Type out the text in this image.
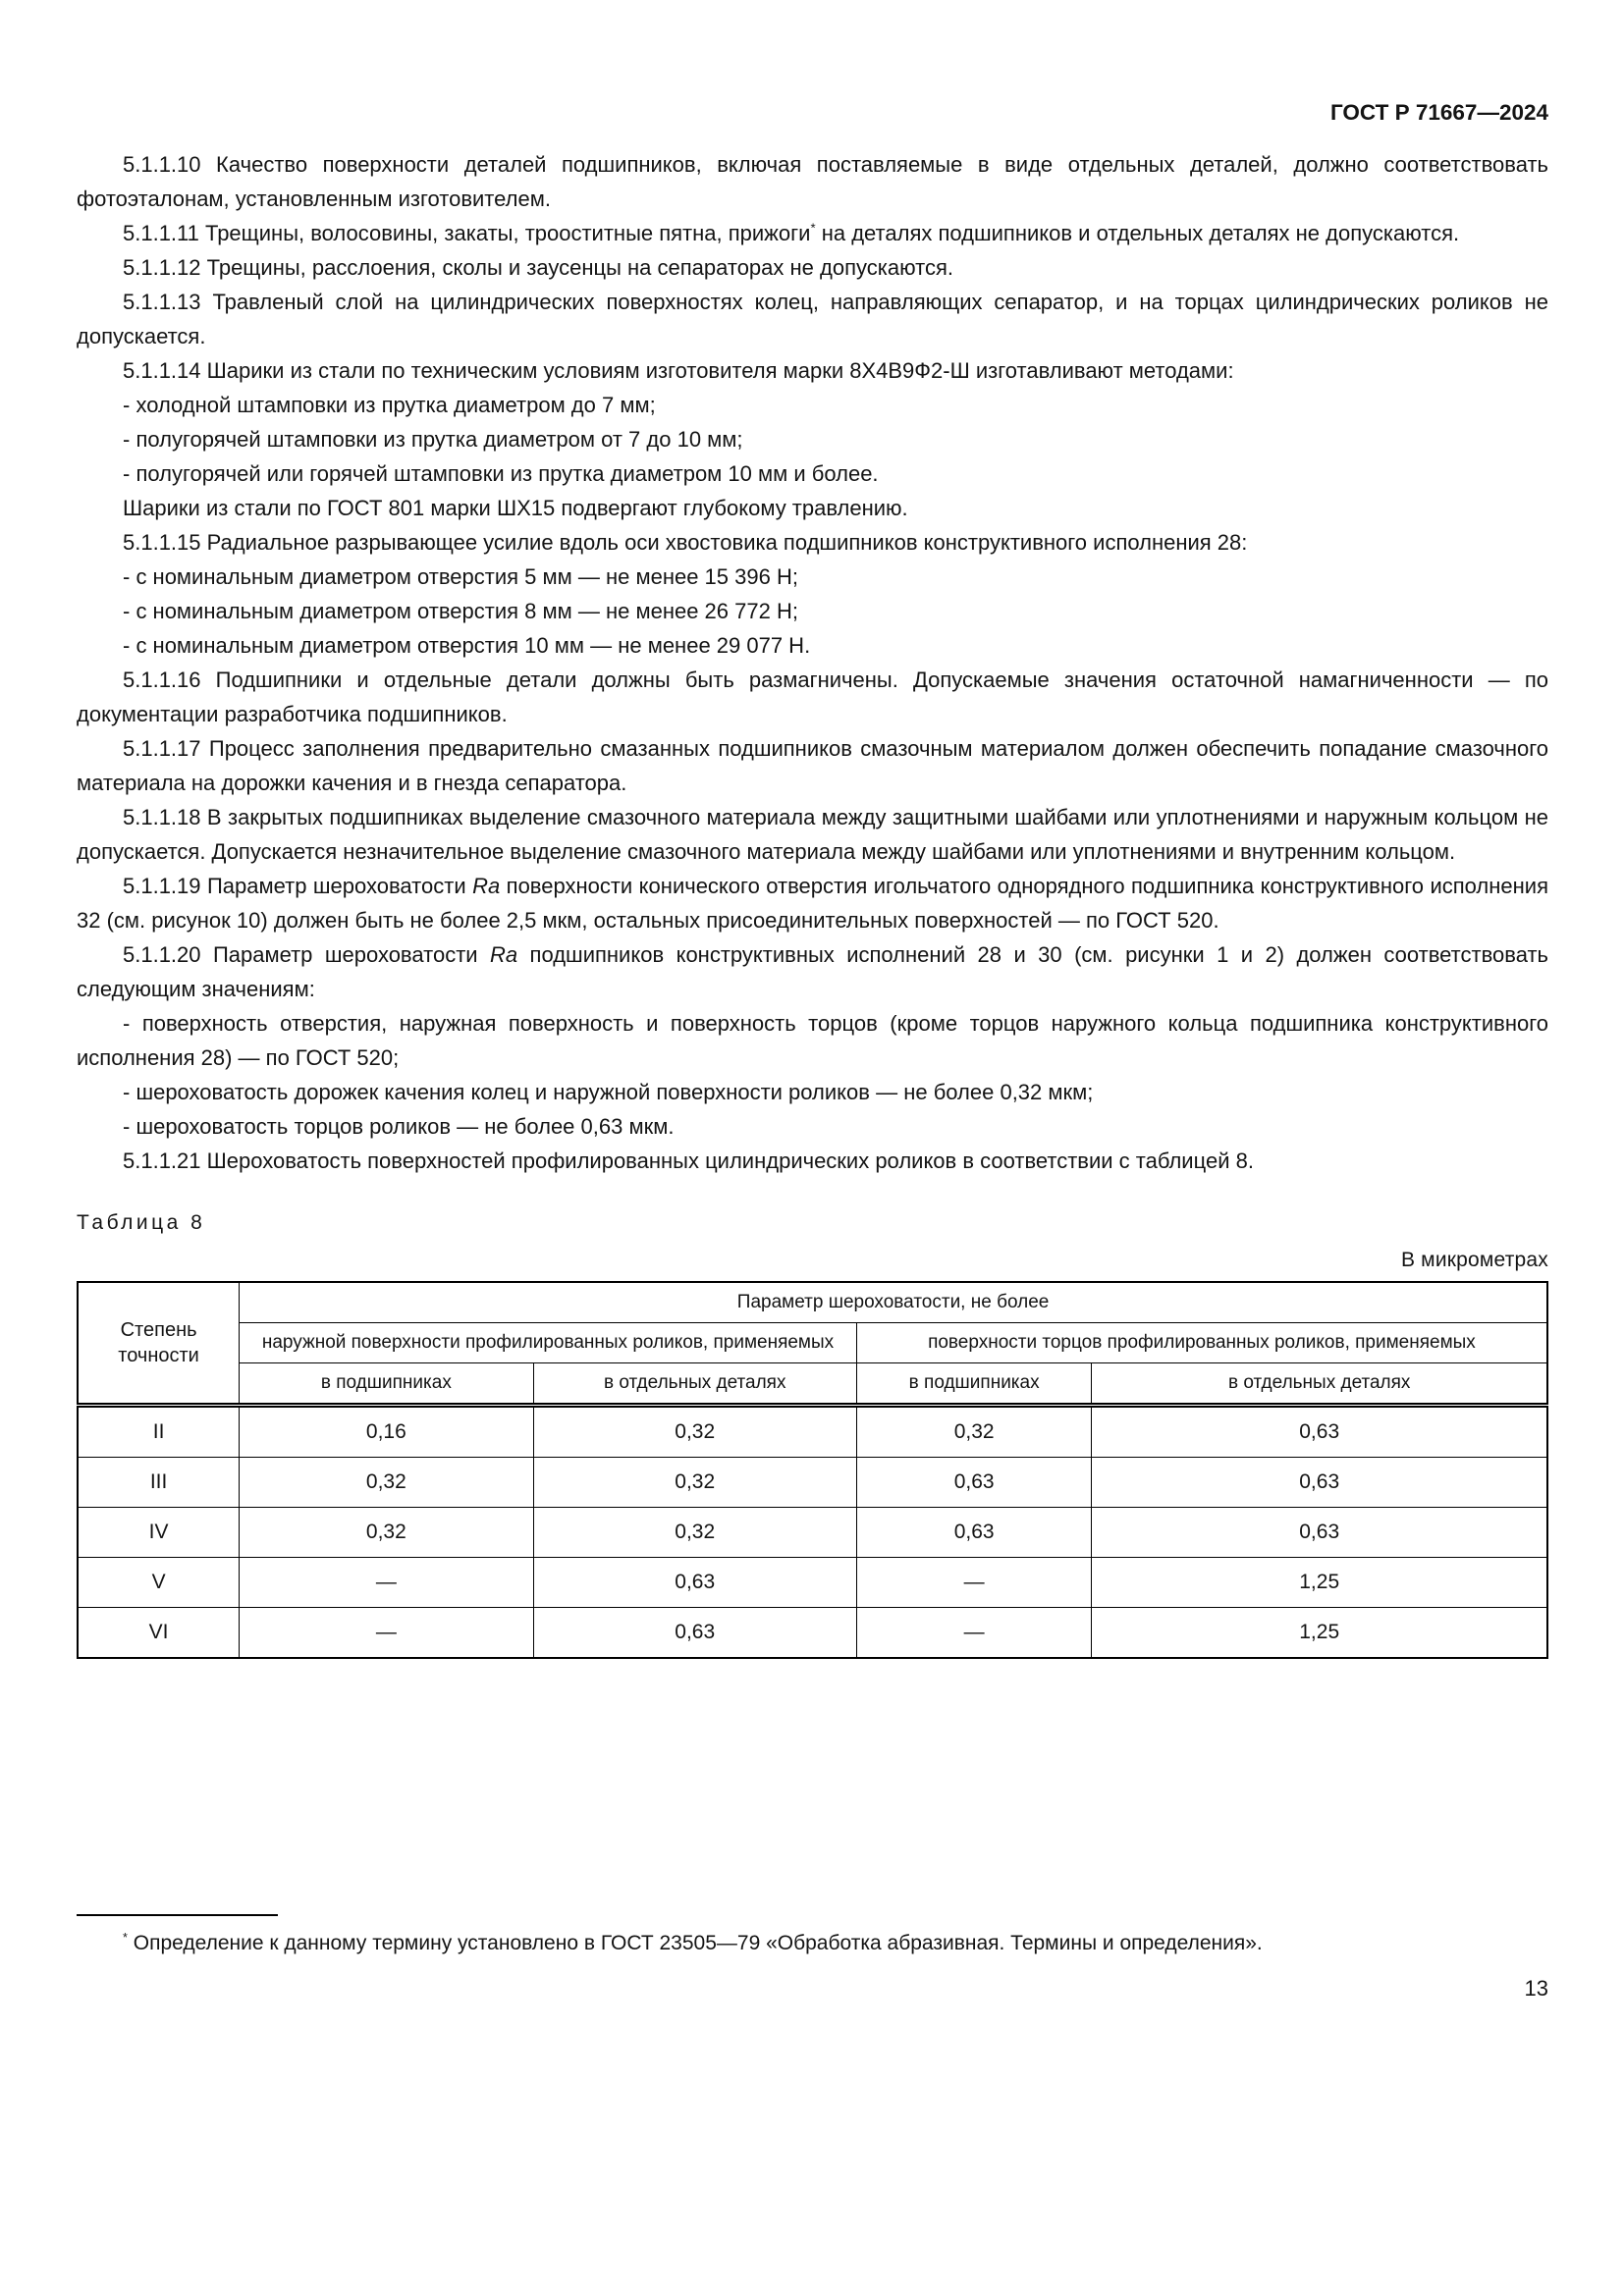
ГОСТ Р 71667—2024
5.1.1.10 Качество поверхности деталей подшипников, включая поставляемые в виде отдельных деталей, должно соответствовать фотоэталонам, установленным изготовителем.
5.1.1.11 Трещины, волосовины, закаты, трооститные пятна, прижоги* на деталях подшипников и отдельных деталях не допускаются.
5.1.1.12 Трещины, расслоения, сколы и заусенцы на сепараторах не допускаются.
5.1.1.13 Травленый слой на цилиндрических поверхностях колец, направляющих сепаратор, и на торцах цилиндрических роликов не допускается.
5.1.1.14 Шарики из стали по техническим условиям изготовителя марки 8Х4В9Ф2-Ш изготавливают методами:
- холодной штамповки из прутка диаметром до 7 мм;
- полугорячей штамповки из прутка диаметром от 7 до 10 мм;
- полугорячей или горячей штамповки из прутка диаметром 10 мм и более.
Шарики из стали по ГОСТ 801 марки ШХ15 подвергают глубокому травлению.
5.1.1.15 Радиальное разрывающее усилие вдоль оси хвостовика подшипников конструктивного исполнения 28:
- с номинальным диаметром отверстия 5 мм — не менее 15 396 Н;
- с номинальным диаметром отверстия 8 мм — не менее 26 772 Н;
- с номинальным диаметром отверстия 10 мм — не менее 29 077 Н.
5.1.1.16 Подшипники и отдельные детали должны быть размагничены. Допускаемые значения остаточной намагниченности — по документации разработчика подшипников.
5.1.1.17 Процесс заполнения предварительно смазанных подшипников смазочным материалом должен обеспечить попадание смазочного материала на дорожки качения и в гнезда сепаратора.
5.1.1.18 В закрытых подшипниках выделение смазочного материала между защитными шайбами или уплотнениями и наружным кольцом не допускается. Допускается незначительное выделение смазочного материала между шайбами или уплотнениями и внутренним кольцом.
5.1.1.19 Параметр шероховатости Ra поверхности конического отверстия игольчатого однорядного подшипника конструктивного исполнения 32 (см. рисунок 10) должен быть не более 2,5 мкм, остальных присоединительных поверхностей — по ГОСТ 520.
5.1.1.20 Параметр шероховатости Ra подшипников конструктивных исполнений 28 и 30 (см. рисунки 1 и 2) должен соответствовать следующим значениям:
- поверхность отверстия, наружная поверхность и поверхность торцов (кроме торцов наружного кольца подшипника конструктивного исполнения 28) — по ГОСТ 520;
- шероховатость дорожек качения колец и наружной поверхности роликов — не более 0,32 мкм;
- шероховатость торцов роликов — не более 0,63 мкм.
5.1.1.21 Шероховатость поверхностей профилированных цилиндрических роликов в соответствии с таблицей 8.
Таблица 8
В микрометрах
Степень точности	Параметр шероховатости, не более			
	наружной поверхности профилированных роликов, применяемых		поверхности торцов профилированных роликов, применяемых	
	в подшипниках	в отдельных деталях	в подшипниках	в отдельных деталях
II	0,16	0,32	0,32	0,63
III	0,32	0,32	0,63	0,63
IV	0,32	0,32	0,63	0,63
V	—	0,63	—	1,25
VI	—	0,63	—	1,25
* Определение к данному термину установлено в ГОСТ 23505—79 «Обработка абразивная. Термины и определения».
13
